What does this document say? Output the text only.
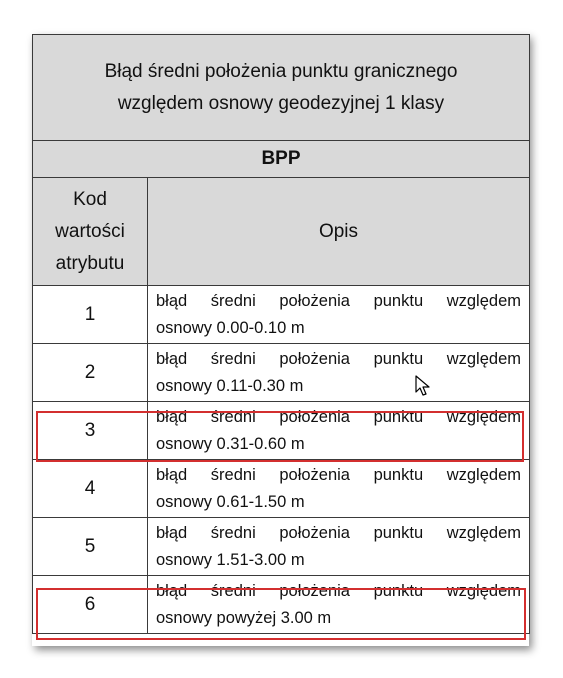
Błąd średni położenia punktu granicznego
względem osnowy geodezyjnej 1 klasy	
BPP	
Kod
wartości
atrybutu	Opis
1	błąd średni położenia punktu względem
osnowy 0.00-0.10 m

2	błąd średni położenia punktu względem
osnowy 0.11-0.30 m

3	błąd średni położenia punktu względem
osnowy 0.31-0.60 m

4	błąd średni położenia punktu względem
osnowy 0.61-1.50 m

5	błąd średni położenia punktu względem
osnowy 1.51-3.00 m

6	błąd średni położenia punktu względem
osnowy powyżej 3.00 m
